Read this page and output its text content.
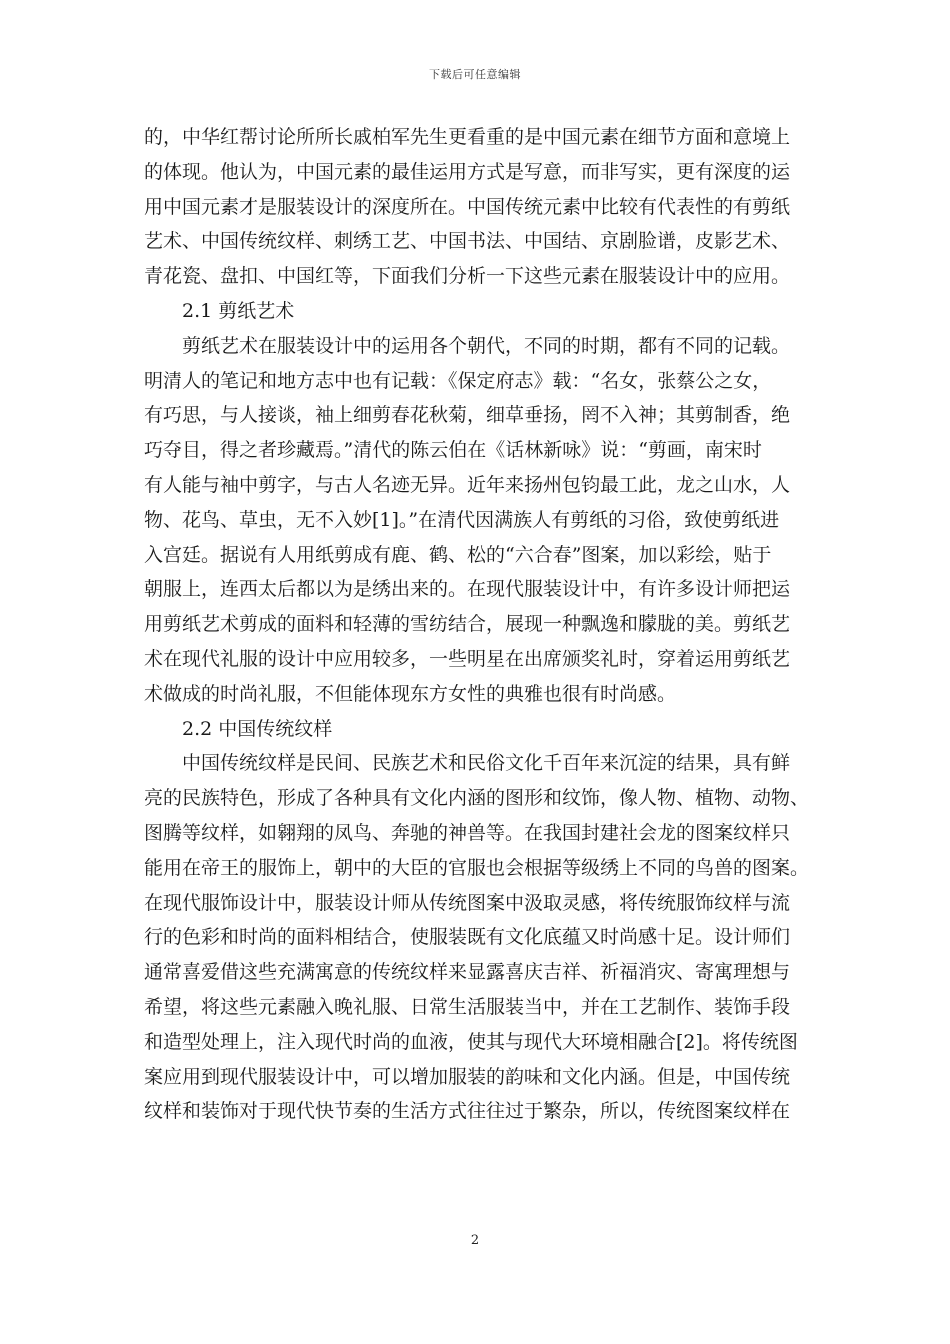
下载后可任意编辑
的，中华红帮讨论所所长戚柏军先生更看重的是中国元素在细节方面和意境上
的体现。他认为，中国元素的最佳运用方式是写意，而非写实，更有深度的运
用中国元素才是服装设计的深度所在。中国传统元素中比较有代表性的有剪纸
艺术、中国传统纹样、刺绣工艺、中国书法、中国结、京剧脸谱，皮影艺术、
青花瓷、盘扣、中国红等，下面我们分析一下这些元素在服装设计中的应用。
2.1 剪纸艺术
剪纸艺术在服装设计中的运用各个朝代，不同的时期，都有不同的记载。
明清人的笔记和地方志中也有记载：《保定府志》载：“名女，张蔡公之女，
有巧思，与人接谈，袖上细剪春花秋菊，细草垂扬，罔不入神；其剪制香，绝
巧夺目，得之者珍藏焉。”清代的陈云伯在《话林新咏》说：“剪画，南宋时
有人能与袖中剪字，与古人名迹无异。近年来扬州包钧最工此，龙之山水，人
物、花鸟、草虫，无不入妙[1]。”在清代因满族人有剪纸的习俗，致使剪纸进
入宫廷。据说有人用纸剪成有鹿、鹤、松的“六合春”图案，加以彩绘，贴于
朝服上，连西太后都以为是绣出来的。在现代服装设计中，有许多设计师把运
用剪纸艺术剪成的面料和轻薄的雪纺结合，展现一种飘逸和朦胧的美。剪纸艺
术在现代礼服的设计中应用较多，一些明星在出席颁奖礼时，穿着运用剪纸艺
术做成的时尚礼服，不但能体现东方女性的典雅也很有时尚感。
2.2 中国传统纹样
中国传统纹样是民间、民族艺术和民俗文化千百年来沉淀的结果，具有鲜
亮的民族特色，形成了各种具有文化内涵的图形和纹饰，像人物、植物、动物、
图腾等纹样，如翱翔的凤鸟、奔驰的神兽等。在我国封建社会龙的图案纹样只
能用在帝王的服饰上，朝中的大臣的官服也会根据等级绣上不同的鸟兽的图案。
在现代服饰设计中，服装设计师从传统图案中汲取灵感，将传统服饰纹样与流
行的色彩和时尚的面料相结合，使服装既有文化底蕴又时尚感十足。设计师们
通常喜爱借这些充满寓意的传统纹样来显露喜庆吉祥、祈福消灾、寄寓理想与
希望，将这些元素融入晚礼服、日常生活服装当中，并在工艺制作、装饰手段
和造型处理上，注入现代时尚的血液，使其与现代大环境相融合[2]。将传统图
案应用到现代服装设计中，可以增加服装的韵味和文化内涵。但是，中国传统
纹样和装饰对于现代快节奏的生活方式往往过于繁杂，所以，传统图案纹样在
2
